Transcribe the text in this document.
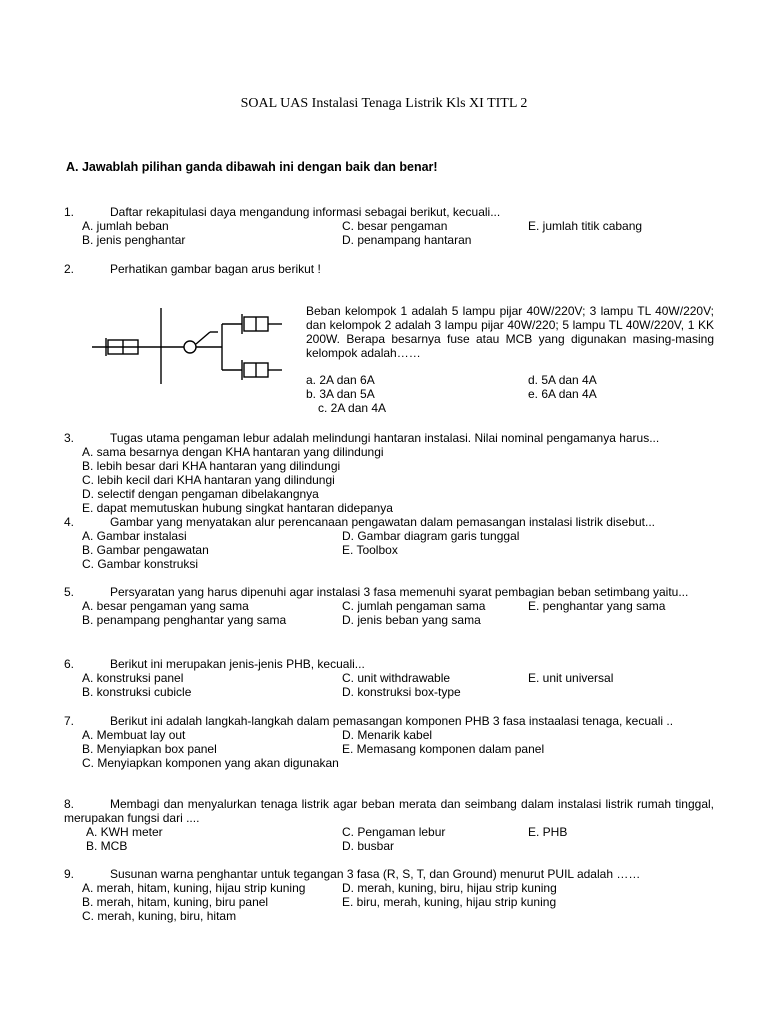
SOAL UAS Instalasi Tenaga Listrik Kls XI TITL 2
A. Jawablah pilihan ganda dibawah ini dengan baik dan benar!
1.	Daftar rekapitulasi daya mengandung informasi sebagai berikut, kecuali...
A. jumlah beban	C. besar pengaman	E. jumlah titik cabang
B. jenis penghantar	D. penampang hantaran
2.	Perhatikan gambar bagan arus berikut !
Beban kelompok 1 adalah 5 lampu pijar 40W/220V; 3 lampu TL 40W/220V; dan kelompok 2 adalah 3 lampu pijar 40W/220; 5 lampu TL 40W/220V, 1 KK 200W. Berapa besarnya fuse atau MCB yang digunakan masing-masing kelompok adalah……
a. 2A dan 6A	d. 5A dan 4A
b. 3A dan 5A	e. 6A dan 4A
c. 2A dan 4A
3.	Tugas utama pengaman lebur adalah melindungi hantaran instalasi. Nilai nominal pengamanya harus...
A. sama besarnya dengan KHA hantaran yang dilindungi
B. lebih besar dari KHA hantaran yang dilindungi
C. lebih kecil dari KHA hantaran yang dilindungi
D. selectif dengan pengaman dibelakangnya
E. dapat memutuskan hubung singkat hantaran didepanya
4.	Gambar yang menyatakan alur perencanaan pengawatan dalam pemasangan instalasi listrik disebut...
A. Gambar instalasi	D. Gambar diagram garis tunggal
B. Gambar pengawatan	E. Toolbox
C. Gambar konstruksi
5.	Persyaratan yang harus dipenuhi agar instalasi 3 fasa memenuhi syarat pembagian beban setimbang yaitu...
A. besar pengaman yang sama	C. jumlah pengaman sama	E. penghantar yang sama
B. penampang penghantar yang sama	D. jenis beban yang sama
6.	Berikut ini merupakan jenis-jenis PHB, kecuali...
A. konstruksi panel	C. unit withdrawable	E. unit universal
B. konstruksi cubicle	D. konstruksi box-type
7.	Berikut ini adalah langkah-langkah dalam pemasangan komponen PHB 3 fasa instaalasi tenaga, kecuali ..
A. Membuat lay out	D. Menarik kabel
B. Menyiapkan box panel	E. Memasang komponen dalam panel
C. Menyiapkan komponen yang akan digunakan
8.	Membagi dan menyalurkan tenaga listrik agar beban merata dan seimbang dalam instalasi listrik rumah tinggal, merupakan fungsi dari ....
A. KWH meter	C. Pengaman lebur	E. PHB
B. MCB	D. busbar
9.	Susunan warna penghantar untuk tegangan 3 fasa (R, S, T, dan Ground) menurut PUIL adalah ……
A. merah, hitam, kuning, hijau strip kuning	D. merah, kuning, biru, hijau strip kuning
B. merah, hitam, kuning, biru panel	E. biru, merah, kuning, hijau strip kuning
C. merah, kuning, biru, hitam
